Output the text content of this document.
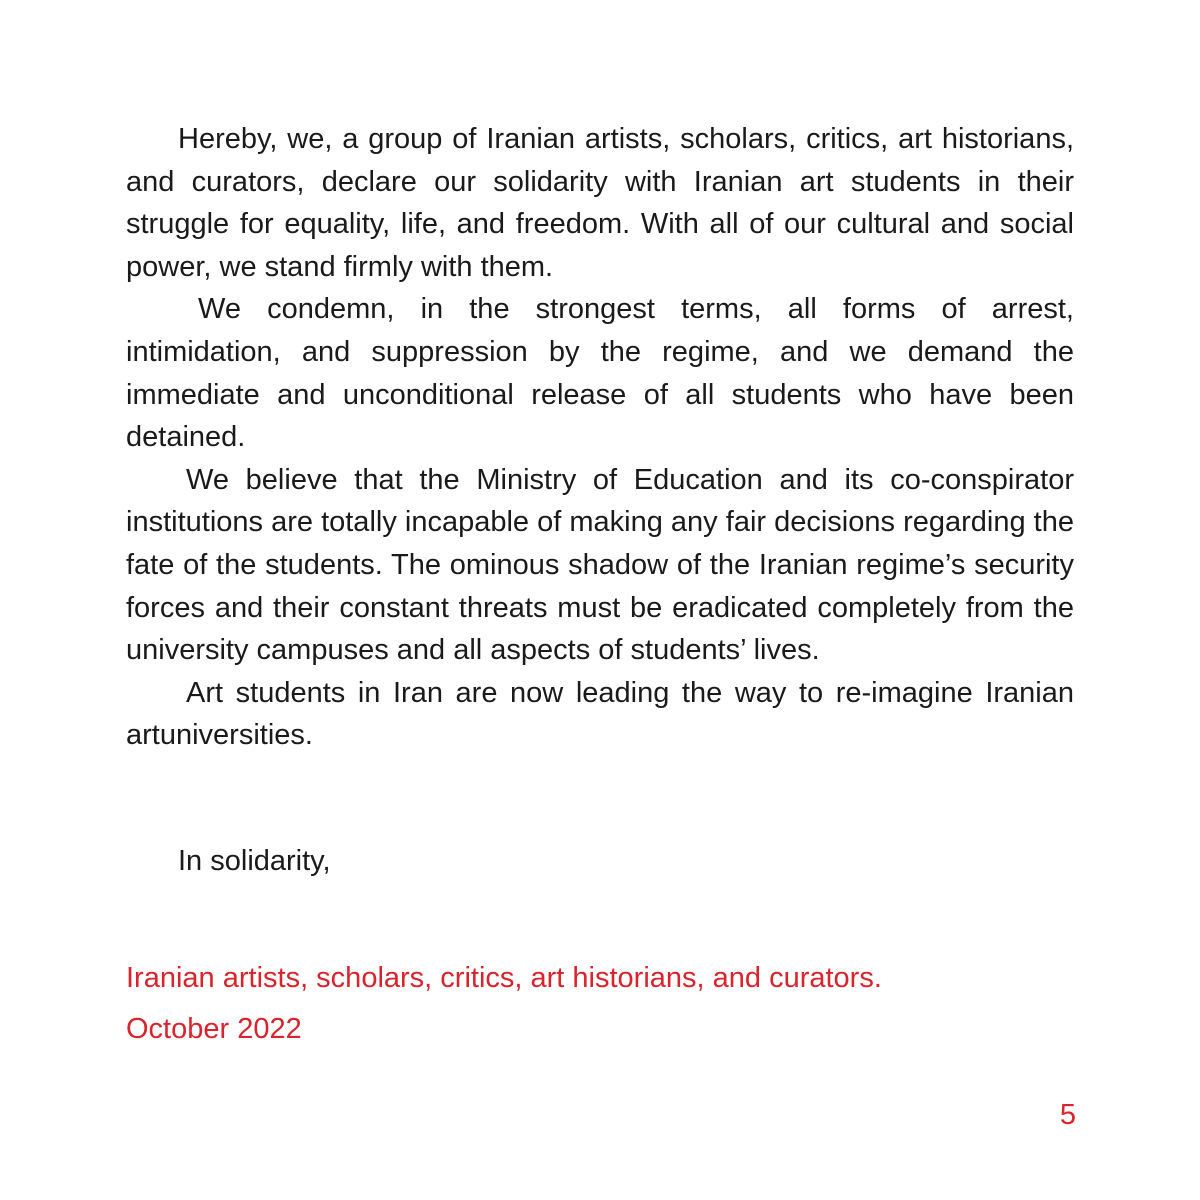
Hereby, we, a group of Iranian artists, scholars, critics, art historians, and curators, declare our solidarity with Iranian art students in their struggle for equality, life, and freedom. With all of our cultural and social power, we stand firmly with them.

We condemn, in the strongest terms, all forms of arrest, intimidation, and suppression by the regime, and we demand the immediate and unconditional release of all students who have been detained.

We believe that the Ministry of Education and its co-conspirator institutions are totally incapable of making any fair decisions regarding the fate of the students. The ominous shadow of the Iranian regime’s security forces and their constant threats must be eradicated completely from the university campuses and all aspects of students’ lives.

Art students in Iran are now leading the way to re-imagine Iranian artuniversities.

In solidarity,

Iranian artists, scholars, critics, art historians, and curators.

October 2022

5
